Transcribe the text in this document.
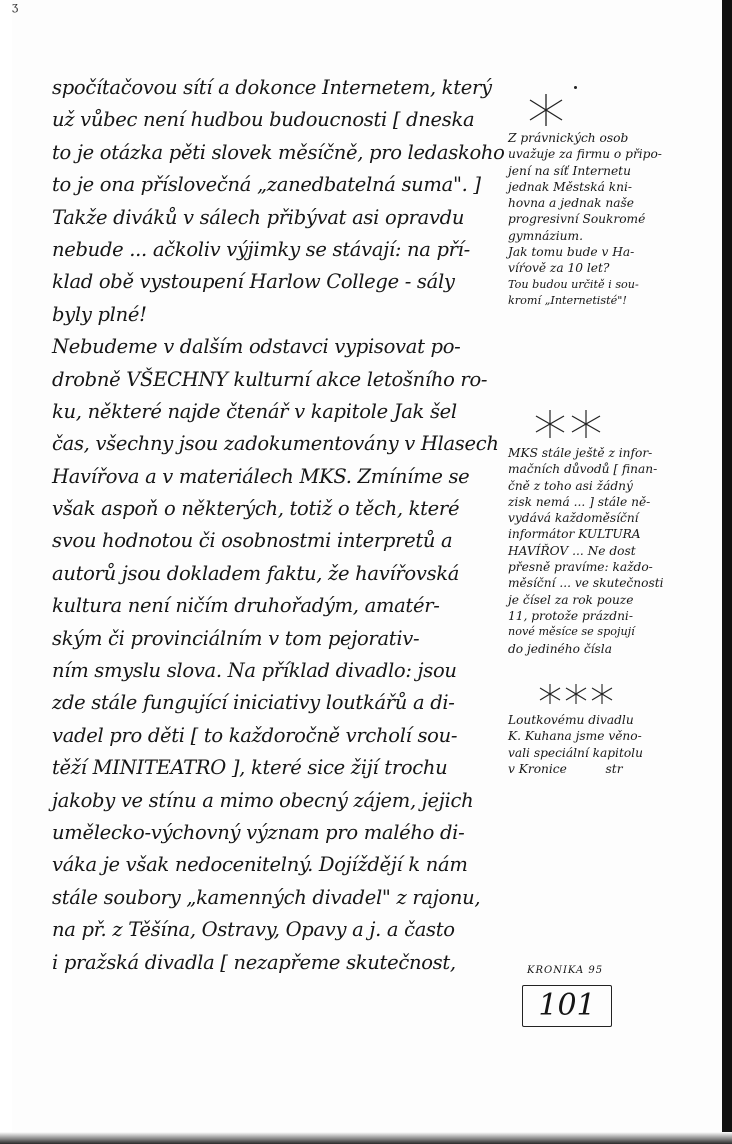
ʒ
spočítačovou sítí a dokonce Internetem, který
už vůbec není hudbou budoucnosti [ dneska
to je otázka pěti slovek měsíčně, pro ledaskoho
to je ona příslovečná „zanedbatelná suma". ]
Takže diváků v sálech přibývat asi opravdu
nebude ... ačkoliv výjimky se stávají: na pří-
klad obě vystoupení Harlow College - sály
byly plné!
Nebudeme v dalším odstavci vypisovat po-
drobně VŠECHNY kulturní akce letošního ro-
ku, některé najde čtenář v kapitole Jak šel
čas, všechny jsou zadokumentovány v Hlasech
Havířova a v materiálech MKS. Zmíníme se
však aspoň o některých, totiž o těch, které
svou hodnotou či osobnostmi interpretů a
autorů jsou dokladem faktu, že havířovská
kultura není ničím druhořadým, amatér-
ským či provinciálním v tom pejorativ-
ním smyslu slova. Na příklad divadlo: jsou
zde stále fungující iniciativy loutkářů a di-
vadel pro děti [ to každoročně vrcholí sou-
těží MINITEATRO ], které sice žijí trochu
jakoby ve stínu a mimo obecný zájem, jejich
umělecko-výchovný význam pro malého di-
váka je však nedocenitelný. Dojíždějí k nám
stále soubory „kamenných divadel" z rajonu,
na př. z Těšína, Ostravy, Opavy a j. a často
i pražská divadla [ nezapřeme skutečnost,
Z právnických osob
uvažuje za firmu o připo-
jení na síť Internetu
jednak Městská kni-
hovna a jednak naše
progresivní Soukromé
gymnázium.
Jak tomu bude v Ha-
víŕově za 10 let?
Tou budou určitě i sou-
kromí „Internetisté"!
MKS stále ještě z infor-
mačních důvodů [ finan-
čně z toho asi žádný
zisk nemá ... ] stále ně-
vydává každoměsíční
informátor KULTURA
HAVÍŘOV ... Ne dost
přesně pravíme: každo-
měsíční ... ve skutečnosti
je čísel za rok pouze
11, protože prázdni-
nové měsíce se spojují
do jediného čísla
Loutkovému divadlu
K. Kuhana jsme věno-
vali speciální kapitolu
v Kronice          str
KRONIKA 95
101
